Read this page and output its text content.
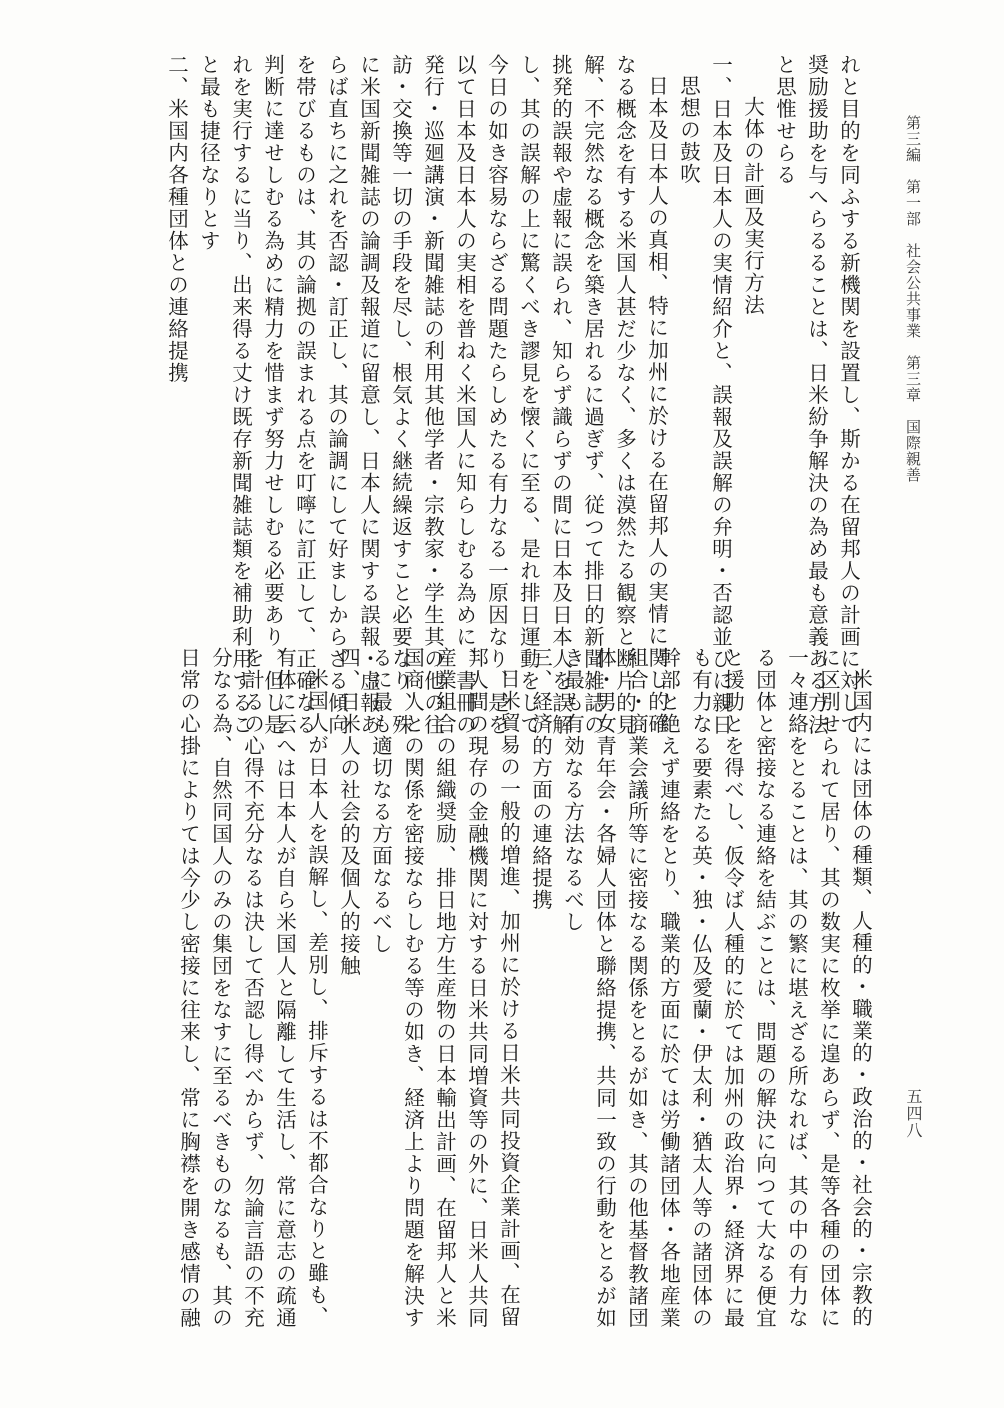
第三編　第一部　社会公共事業　第三章　国際親善
五四八
れと目的を同ふする新機関を設置し、斯かる在留邦人の計画に対して
奨励援助を与へらるることは、日米紛争解決の為め最も意義ある方法
と思惟せらる
大体の計画及実行方法
一、日本及日本人の実情紹介と、誤報及誤解の弁明・否認並びに親日
思想の鼓吹
日本及日本人の真相、特に加州に於ける在留邦人の実情に関し的確
なる概念を有する米国人甚だ少なく、多くは漠然たる観察と断片的見
解、不完然なる概念を築き居れるに過ぎず、従つて排日的新聞雑誌の
挑発的誤報や虚報に誤られ、知らず識らずの間に日本及日本人を誤解
し、其の誤解の上に驚くべき謬見を懐くに至る、是れ排日運動をして
今日の如き容易ならざる問題たらしめたる有力なる一原因なり、是を
以て日本及日本人の実相を普ねく米国人に知らしむる為めに、書冊の
発行・巡廻講演・新聞雑誌の利用其他学者・宗教家・学生其の他の往
訪・交換等一切の手段を尽し、根気よく継続繰返すこと必要なり、殊
に米国新聞雑誌の論調及報道に留意し、日本人に関する誤報・虚報あ
らば直ちに之れを否認・訂正し、其の論調にして好ましからざる傾向
を帯びるものは、其の論拠の誤まれる点を叮嚀に訂正して、正確なる
判断に達せしむる為めに精力を惜まず努力せしむる必要あり、但し是
れを実行するに当り、出来得る丈け既存新聞雑誌類を補助利用するこ
と最も捷径なりとす
二、米国内各種団体との連絡提携
米国内には団体の種類、人種的・職業的・政治的・社会的・宗教的
に区別せられて居り、其の数実に枚挙に遑あらず、是等各種の団体に
一々連絡をとることは、其の繁に堪えざる所なれば、其の中の有力な
る団体と密接なる連絡を結ぶことは、問題の解決に向つて大なる便宜
と援助とを得べし、仮令ば人種的に於ては加州の政治界・経済界に最
も有力なる要素たる英・独・仏及愛蘭・伊太利・猶太人等の諸団体の
幹部と絶えず連絡をとり、職業的方面に於ては労働諸団体・各地産業
組合・商業会議所等に密接なる関係をとるが如き、其の他基督教諸団
体・男女青年会・各婦人団体と聯絡提携、共同一致の行動をとるが如
き最も有効なる方法なるべし
三、経済的方面の連絡提携
日米貿易の一般的増進、加州に於ける日米共同投資企業計画、在留
邦人間の現存の金融機関に対する日米共同増資等の外に、日米人共同
産業組合の組織奨励、排日地方生産物の日本輸出計画、在留邦人と米
国商人との関係を密接ならしむる等の如き、経済上より問題を解決す
るに最も適切なる方面なるべし
四、日米人の社会的及個人的接触
米国人が日本人を誤解し、差別し、排斥するは不都合なりと雖も、
有体に云へは日本人が自ら米国人と隔離して生活し、常に意志の疏通
を計るの心得不充分なるは決して否認し得べからず、勿論言語の不充
分なる為、自然同国人のみの集団をなすに至るべきものなるも、其の
日常の心掛によりては今少し密接に往来し、常に胸襟を開き感情の融
